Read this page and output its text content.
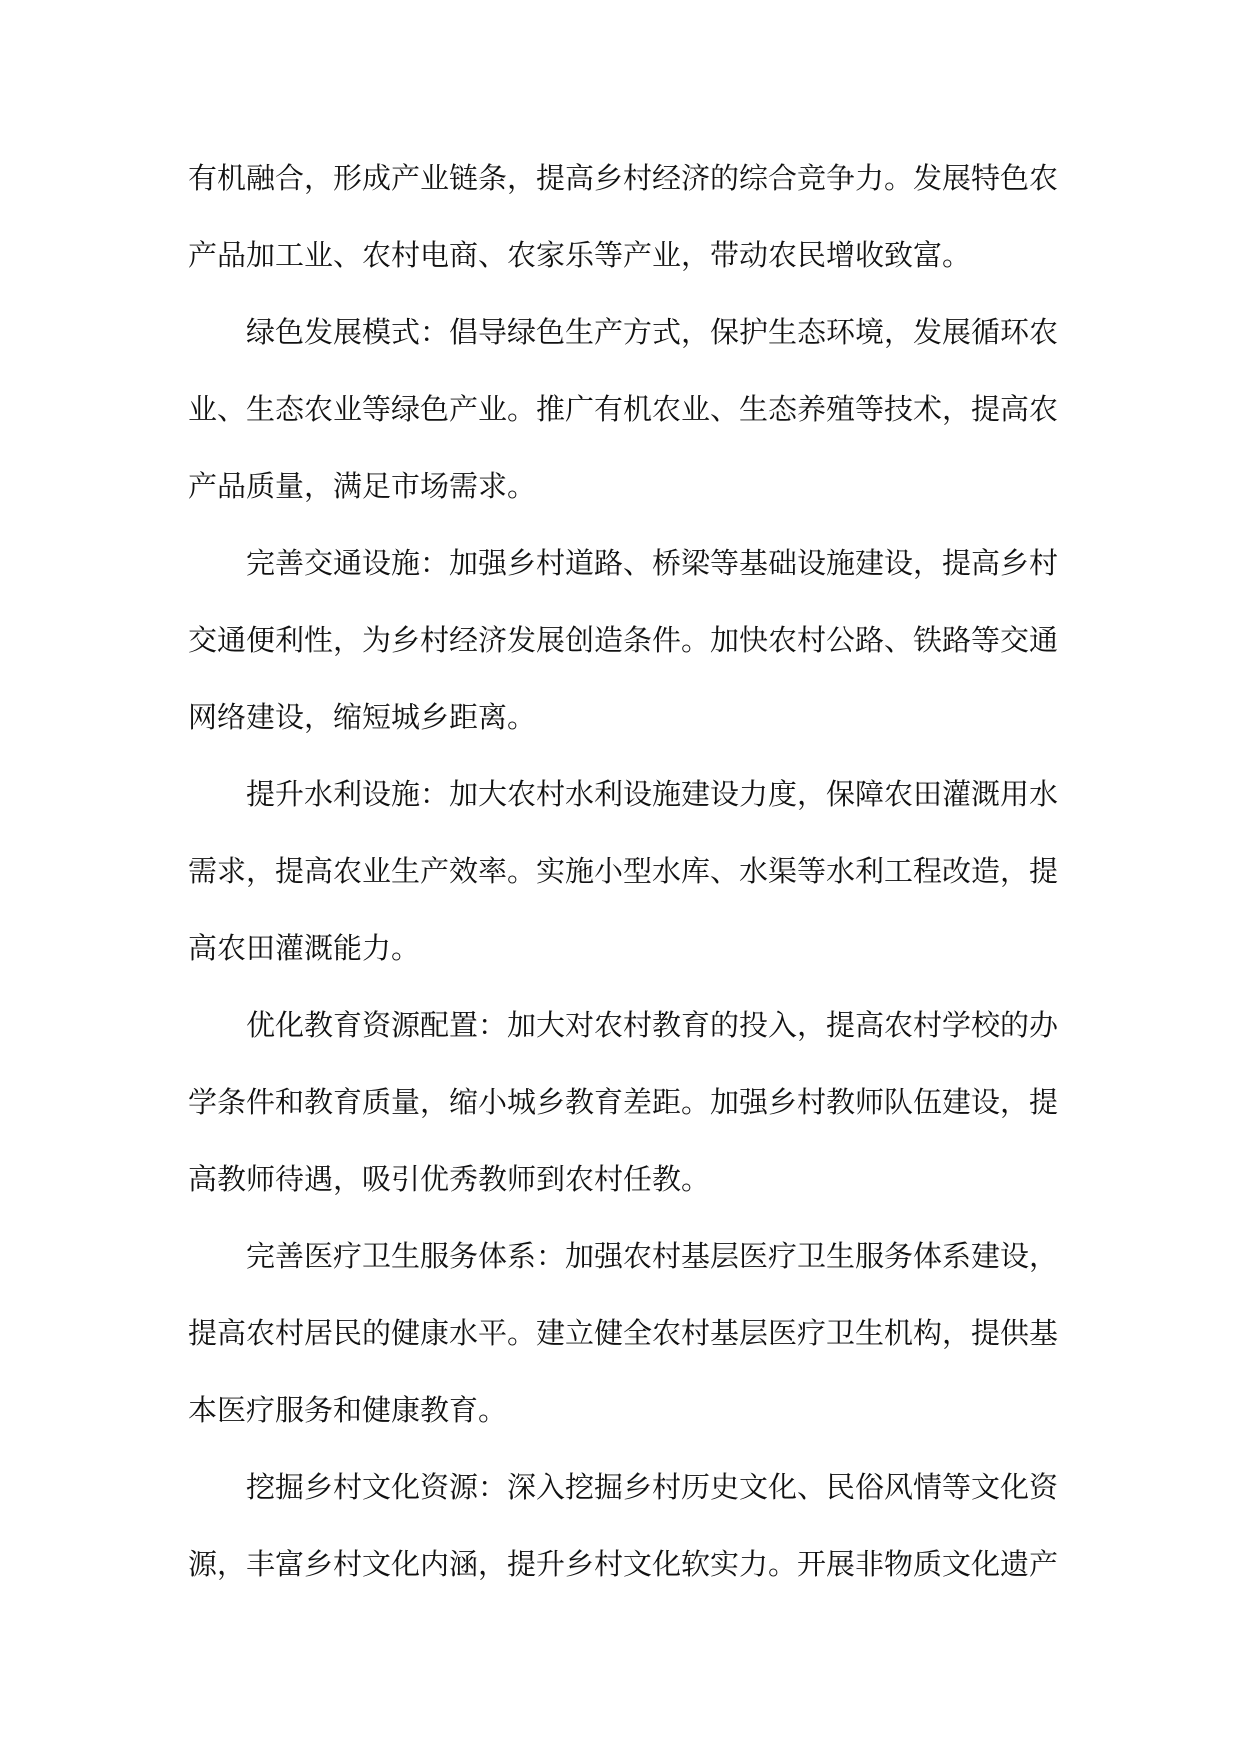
有机融合，形成产业链条，提高乡村经济的综合竞争力。发展特色农产品加工业、农村电商、农家乐等产业，带动农民增收致富。

绿色发展模式：倡导绿色生产方式，保护生态环境，发展循环农业、生态农业等绿色产业。推广有机农业、生态养殖等技术，提高农产品质量，满足市场需求。

完善交通设施：加强乡村道路、桥梁等基础设施建设，提高乡村交通便利性，为乡村经济发展创造条件。加快农村公路、铁路等交通网络建设，缩短城乡距离。

提升水利设施：加大农村水利设施建设力度，保障农田灌溉用水需求，提高农业生产效率。实施小型水库、水渠等水利工程改造，提高农田灌溉能力。

优化教育资源配置：加大对农村教育的投入，提高农村学校的办学条件和教育质量，缩小城乡教育差距。加强乡村教师队伍建设，提高教师待遇，吸引优秀教师到农村任教。

完善医疗卫生服务体系：加强农村基层医疗卫生服务体系建设，提高农村居民的健康水平。建立健全农村基层医疗卫生机构，提供基本医疗服务和健康教育。

挖掘乡村文化资源：深入挖掘乡村历史文化、民俗风情等文化资源，丰富乡村文化内涵，提升乡村文化软实力。开展非物质文化遗产
